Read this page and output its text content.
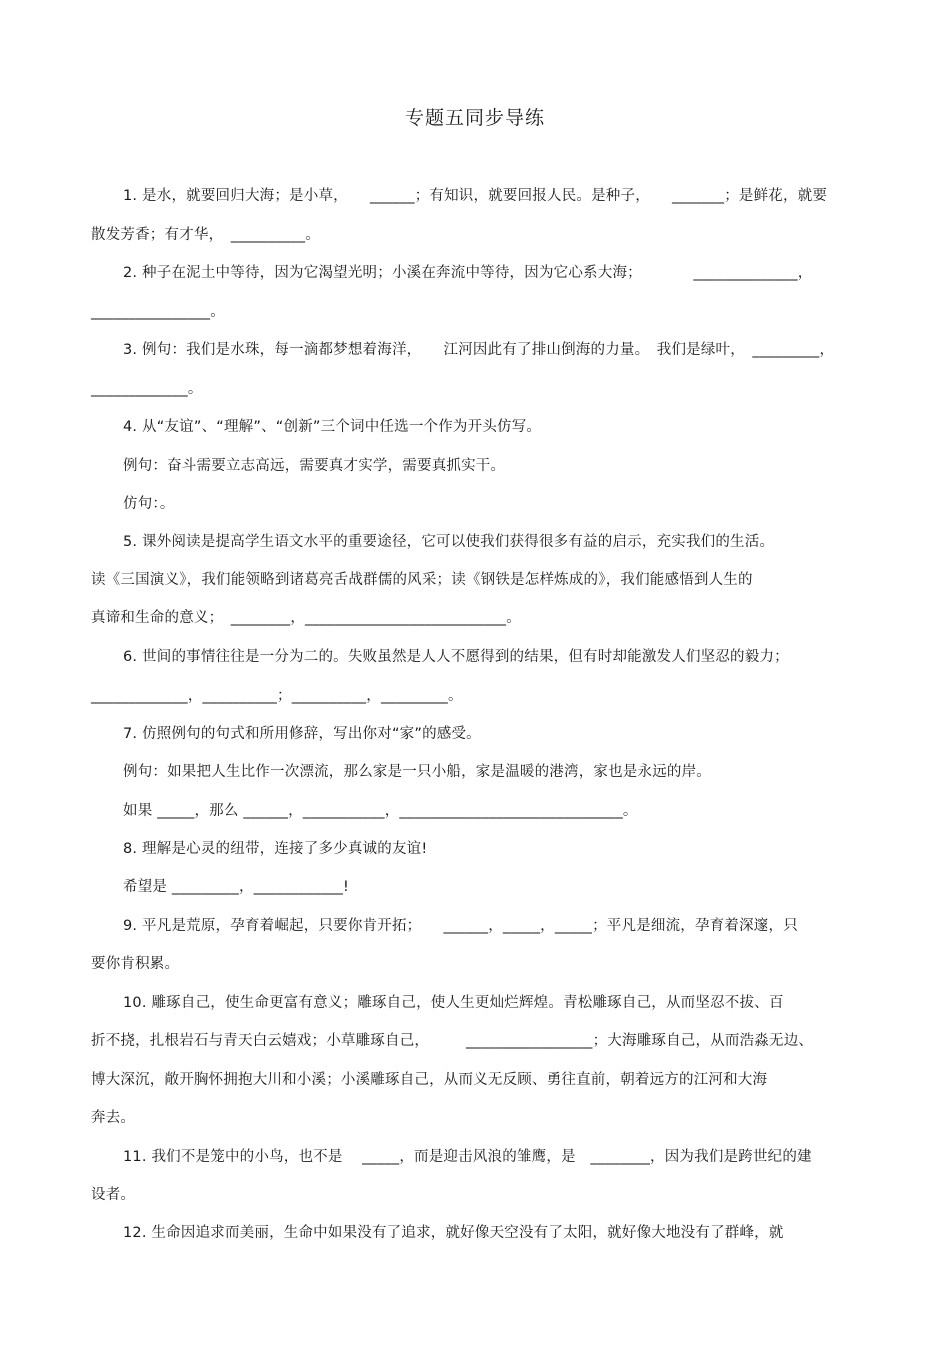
专题五同步导练
1. 是水，就要回归大海；是小草，　　______；有知识，就要回报人民。是种子，　　_______；是鲜花，就要
散发芳香；有才华，　__________。
2. 种子在泥土中等待，因为它渴望光明；小溪在奔流中等待，因为它心系大海；　　　　______________，
________________。
3. 例句：我们是水珠，每一滴都梦想着海洋，　　江河因此有了排山倒海的力量。　我们是绿叶，　_________，
_____________。
4. 从“友谊”、“理解”、“创新”三个词中任选一个作为开头仿写。
例句：奋斗需要立志高远，需要真才实学，需要真抓实干。
仿句：。
5. 课外阅读是提高学生语文水平的重要途径，它可以使我们获得很多有益的启示，充实我们的生活。
读《三国演义》，我们能领略到诸葛亮舌战群儒的风采；读《钢铁是怎样炼成的》，我们能感悟到人生的
真谛和生命的意义；　________，___________________________。
6. 世间的事情往往是一分为二的。失败虽然是人人不愿得到的结果，但有时却能激发人们坚忍的毅力；
_____________，__________；__________，_________。
7. 仿照例句的句式和所用修辞，写出你对“家”的感受。
例句：如果把人生比作一次漂流，那么家是一只小船，家是温暖的港湾，家也是永远的岸。
如果 _____，那么 ______，___________，______________________________。
8. 理解是心灵的纽带，连接了多少真诚的友谊!
希望是 _________，____________!
9. 平凡是荒原，孕育着崛起，只要你肯开拓；　　______，_____，_____；平凡是细流，孕育着深邃，只
要你肯积累。
10. 雕琢自己，使生命更富有意义；雕琢自己，使人生更灿烂辉煌。青松雕琢自己，从而坚忍不拔、百
折不挠，扎根岩石与青天白云嬉戏；小草雕琢自己，　　　_________________；大海雕琢自己，从而浩淼无边、
博大深沉，敞开胸怀拥抱大川和小溪；小溪雕琢自己，从而义无反顾、勇往直前，朝着远方的江河和大海
奔去。
11. 我们不是笼中的小鸟，也不是　 _____，而是迎击风浪的雏鹰，是　________，因为我们是跨世纪的建
设者。
12. 生命因追求而美丽，生命中如果没有了追求，就好像天空没有了太阳，就好像大地没有了群峰，就
